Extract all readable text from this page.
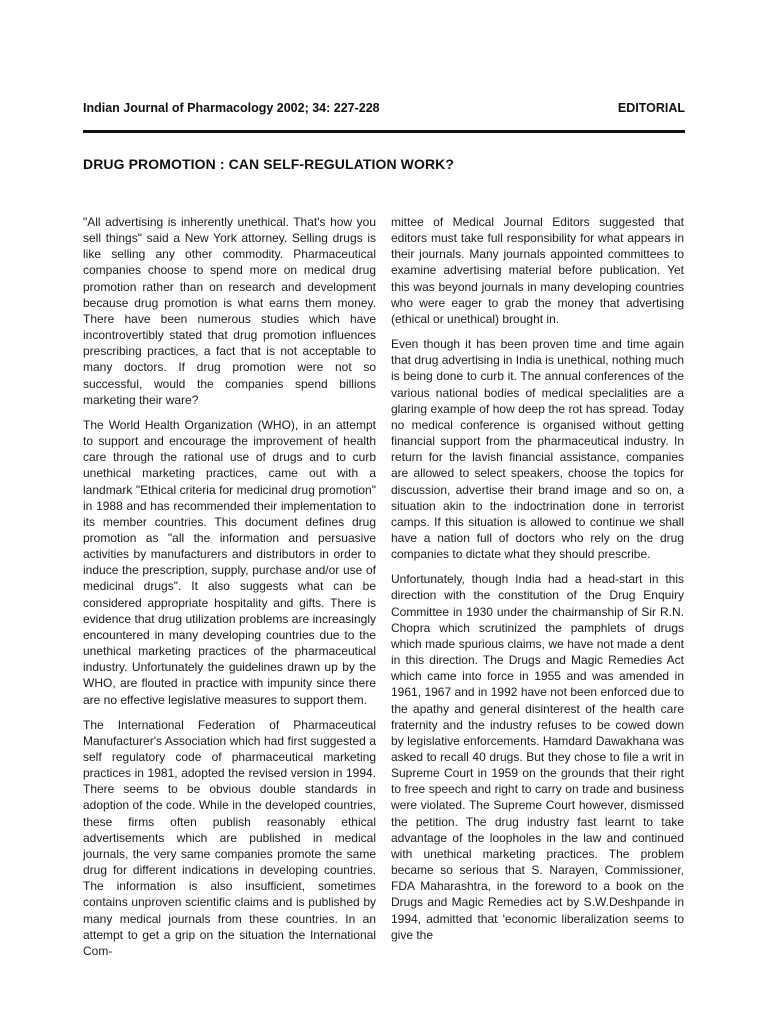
Indian Journal of Pharmacology 2002; 34: 227-228	EDITORIAL
DRUG PROMOTION : CAN SELF-REGULATION WORK?

"All advertising is inherently unethical. That's how you sell things" said a New York attorney. Selling drugs is like selling any other commodity. Pharmaceutical companies choose to spend more on medical drug promotion rather than on research and development because drug promotion is what earns them money. There have been numerous studies which have incontrovertibly stated that drug promotion influences prescribing practices, a fact that is not acceptable to many doctors. If drug promotion were not so successful, would the companies spend billions marketing their ware?

The World Health Organization (WHO), in an attempt to support and encourage the improvement of health care through the rational use of drugs and to curb unethical marketing practices, came out with a landmark "Ethical criteria for medicinal drug promotion" in 1988 and has recommended their implementation to its member countries. This document defines drug promotion as "all the information and persuasive activities by manufacturers and distributors in order to induce the prescription, supply, purchase and/or use of medicinal drugs". It also suggests what can be considered appropriate hospitality and gifts. There is evidence that drug utilization problems are increasingly encountered in many developing countries due to the unethical marketing practices of the pharmaceutical industry. Unfortunately the guidelines drawn up by the WHO, are flouted in practice with impunity since there are no effective legislative measures to support them.

The International Federation of Pharmaceutical Manufacturer's Association which had first suggested a self regulatory code of pharmaceutical marketing practices in 1981, adopted the revised version in 1994. There seems to be obvious double standards in adoption of the code. While in the developed countries, these firms often publish reasonably ethical advertisements which are published in medical journals, the very same companies promote the same drug for different indications in developing countries. The information is also insufficient, sometimes contains unproven scientific claims and is published by many medical journals from these countries. In an attempt to get a grip on the situation the International Com-

mittee of Medical Journal Editors suggested that editors must take full responsibility for what appears in their journals. Many journals appointed committees to examine advertising material before publication. Yet this was beyond journals in many developing countries who were eager to grab the money that advertising (ethical or unethical) brought in.

Even though it has been proven time and time again that drug advertising in India is unethical, nothing much is being done to curb it. The annual conferences of the various national bodies of medical specialities are a glaring example of how deep the rot has spread. Today no medical conference is organised without getting financial support from the pharmaceutical industry. In return for the lavish financial assistance, companies are allowed to select speakers, choose the topics for discussion, advertise their brand image and so on, a situation akin to the indoctrination done in terrorist camps. If this situation is allowed to continue we shall have a nation full of doctors who rely on the drug companies to dictate what they should prescribe.

Unfortunately, though India had a head-start in this direction with the constitution of the Drug Enquiry Committee in 1930 under the chairmanship of Sir R.N. Chopra which scrutinized the pamphlets of drugs which made spurious claims, we have not made a dent in this direction. The Drugs and Magic Remedies Act which came into force in 1955 and was amended in 1961, 1967 and in 1992 have not been enforced due to the apathy and general disinterest of the health care fraternity and the industry refuses to be cowed down by legislative enforcements. Hamdard Dawakhana was asked to recall 40 drugs. But they chose to file a writ in Supreme Court in 1959 on the grounds that their right to free speech and right to carry on trade and business were violated. The Supreme Court however, dismissed the petition. The drug industry fast learnt to take advantage of the loopholes in the law and continued with unethical marketing practices. The problem became so serious that S. Narayen, Commissioner, FDA Maharashtra, in the foreword to a book on the Drugs and Magic Remedies act by S.W.Deshpande in 1994, admitted that 'economic liberalization seems to give the
